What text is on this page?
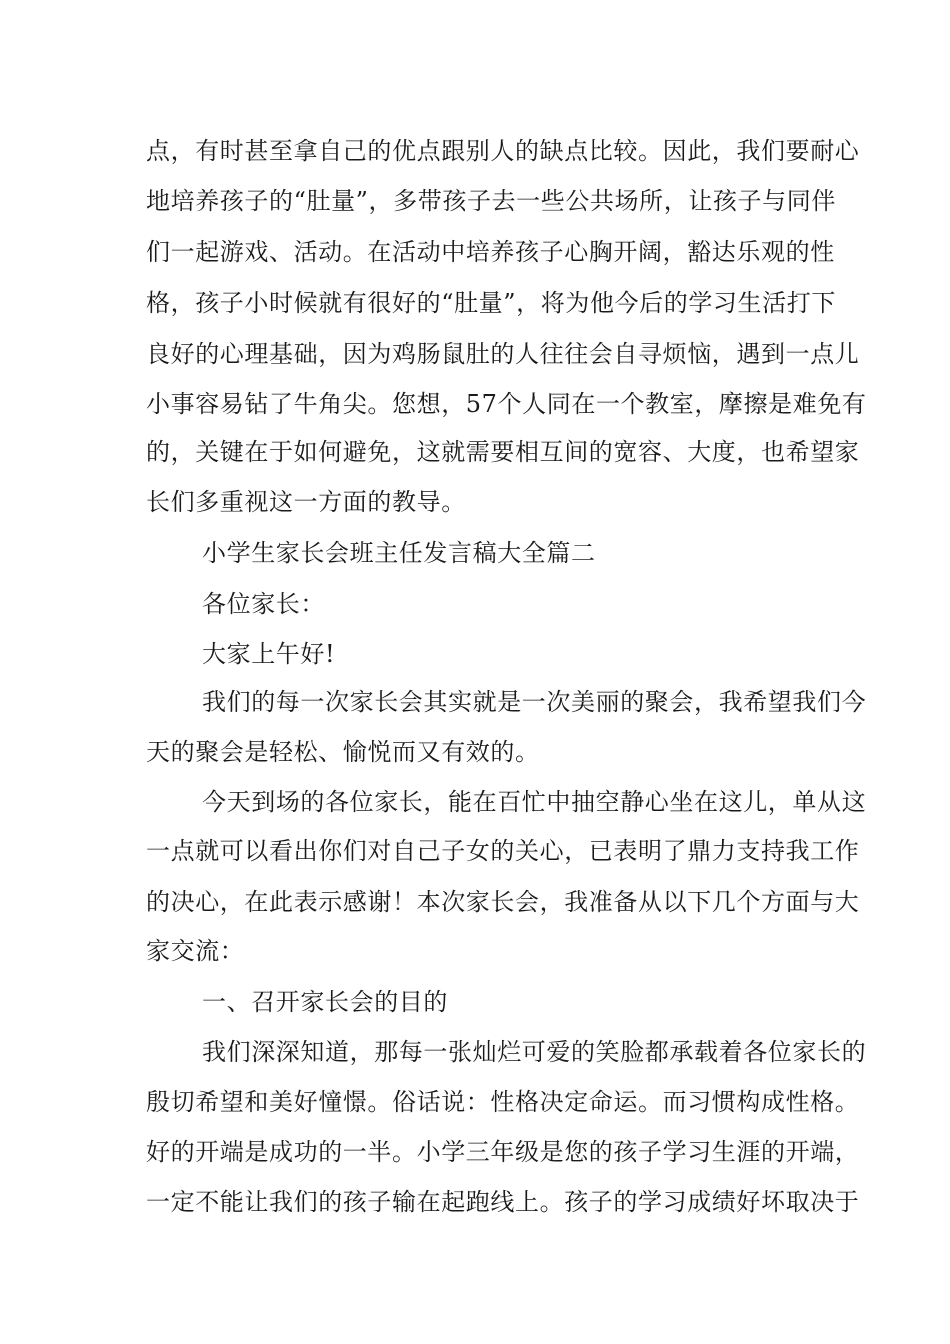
点，有时甚至拿自己的优点跟别人的缺点比较。因此，我们要耐心
地培养孩子的“肚量”，多带孩子去一些公共场所，让孩子与同伴
们一起游戏、活动。在活动中培养孩子心胸开阔，豁达乐观的性
格，孩子小时候就有很好的“肚量”，将为他今后的学习生活打下
良好的心理基础，因为鸡肠鼠肚的人往往会自寻烦恼，遇到一点儿
小事容易钻了牛角尖。您想，57个人同在一个教室，摩擦是难免有
的，关键在于如何避免，这就需要相互间的宽容、大度，也希望家
长们多重视这一方面的教导。
小学生家长会班主任发言稿大全篇二
各位家长：
大家上午好!
我们的每一次家长会其实就是一次美丽的聚会，我希望我们今
天的聚会是轻松、愉悦而又有效的。
今天到场的各位家长，能在百忙中抽空静心坐在这儿，单从这
一点就可以看出你们对自己子女的关心，已表明了鼎力支持我工作
的决心，在此表示感谢！本次家长会，我准备从以下几个方面与大
家交流：
一、召开家长会的目的
我们深深知道，那每一张灿烂可爱的笑脸都承载着各位家长的
殷切希望和美好憧憬。俗话说：性格决定命运。而习惯构成性格。
好的开端是成功的一半。小学三年级是您的孩子学习生涯的开端，
一定不能让我们的孩子输在起跑线上。孩子的学习成绩好坏取决于
